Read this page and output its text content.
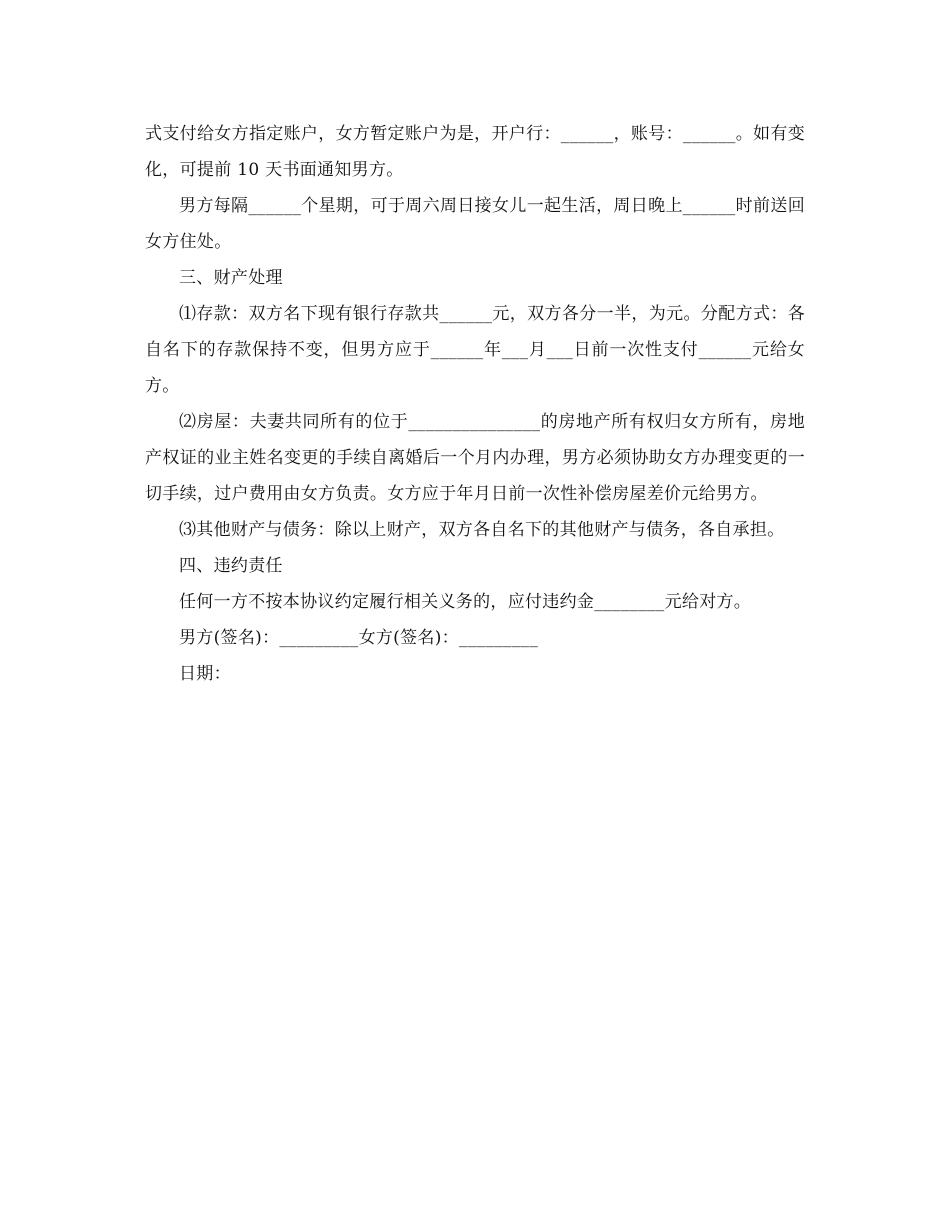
式支付给女方指定账户，女方暂定账户为是，开户行：______，账号：______。如有变化，可提前 10 天书面通知男方。

男方每隔______个星期，可于周六周日接女儿一起生活，周日晚上______时前送回女方住处。

三、财产处理

⑴存款：双方名下现有银行存款共______元，双方各分一半，为元。分配方式：各自名下的存款保持不变，但男方应于______年___月___日前一次性支付______元给女方。

⑵房屋：夫妻共同所有的位于_______________的房地产所有权归女方所有，房地产权证的业主姓名变更的手续自离婚后一个月内办理，男方必须协助女方办理变更的一切手续，过户费用由女方负责。女方应于年月日前一次性补偿房屋差价元给男方。

⑶其他财产与债务：除以上财产，双方各自名下的其他财产与债务，各自承担。

四、违约责任

任何一方不按本协议约定履行相关义务的，应付违约金________元给对方。

男方(签名)：_________女方(签名)：_________

日期：
